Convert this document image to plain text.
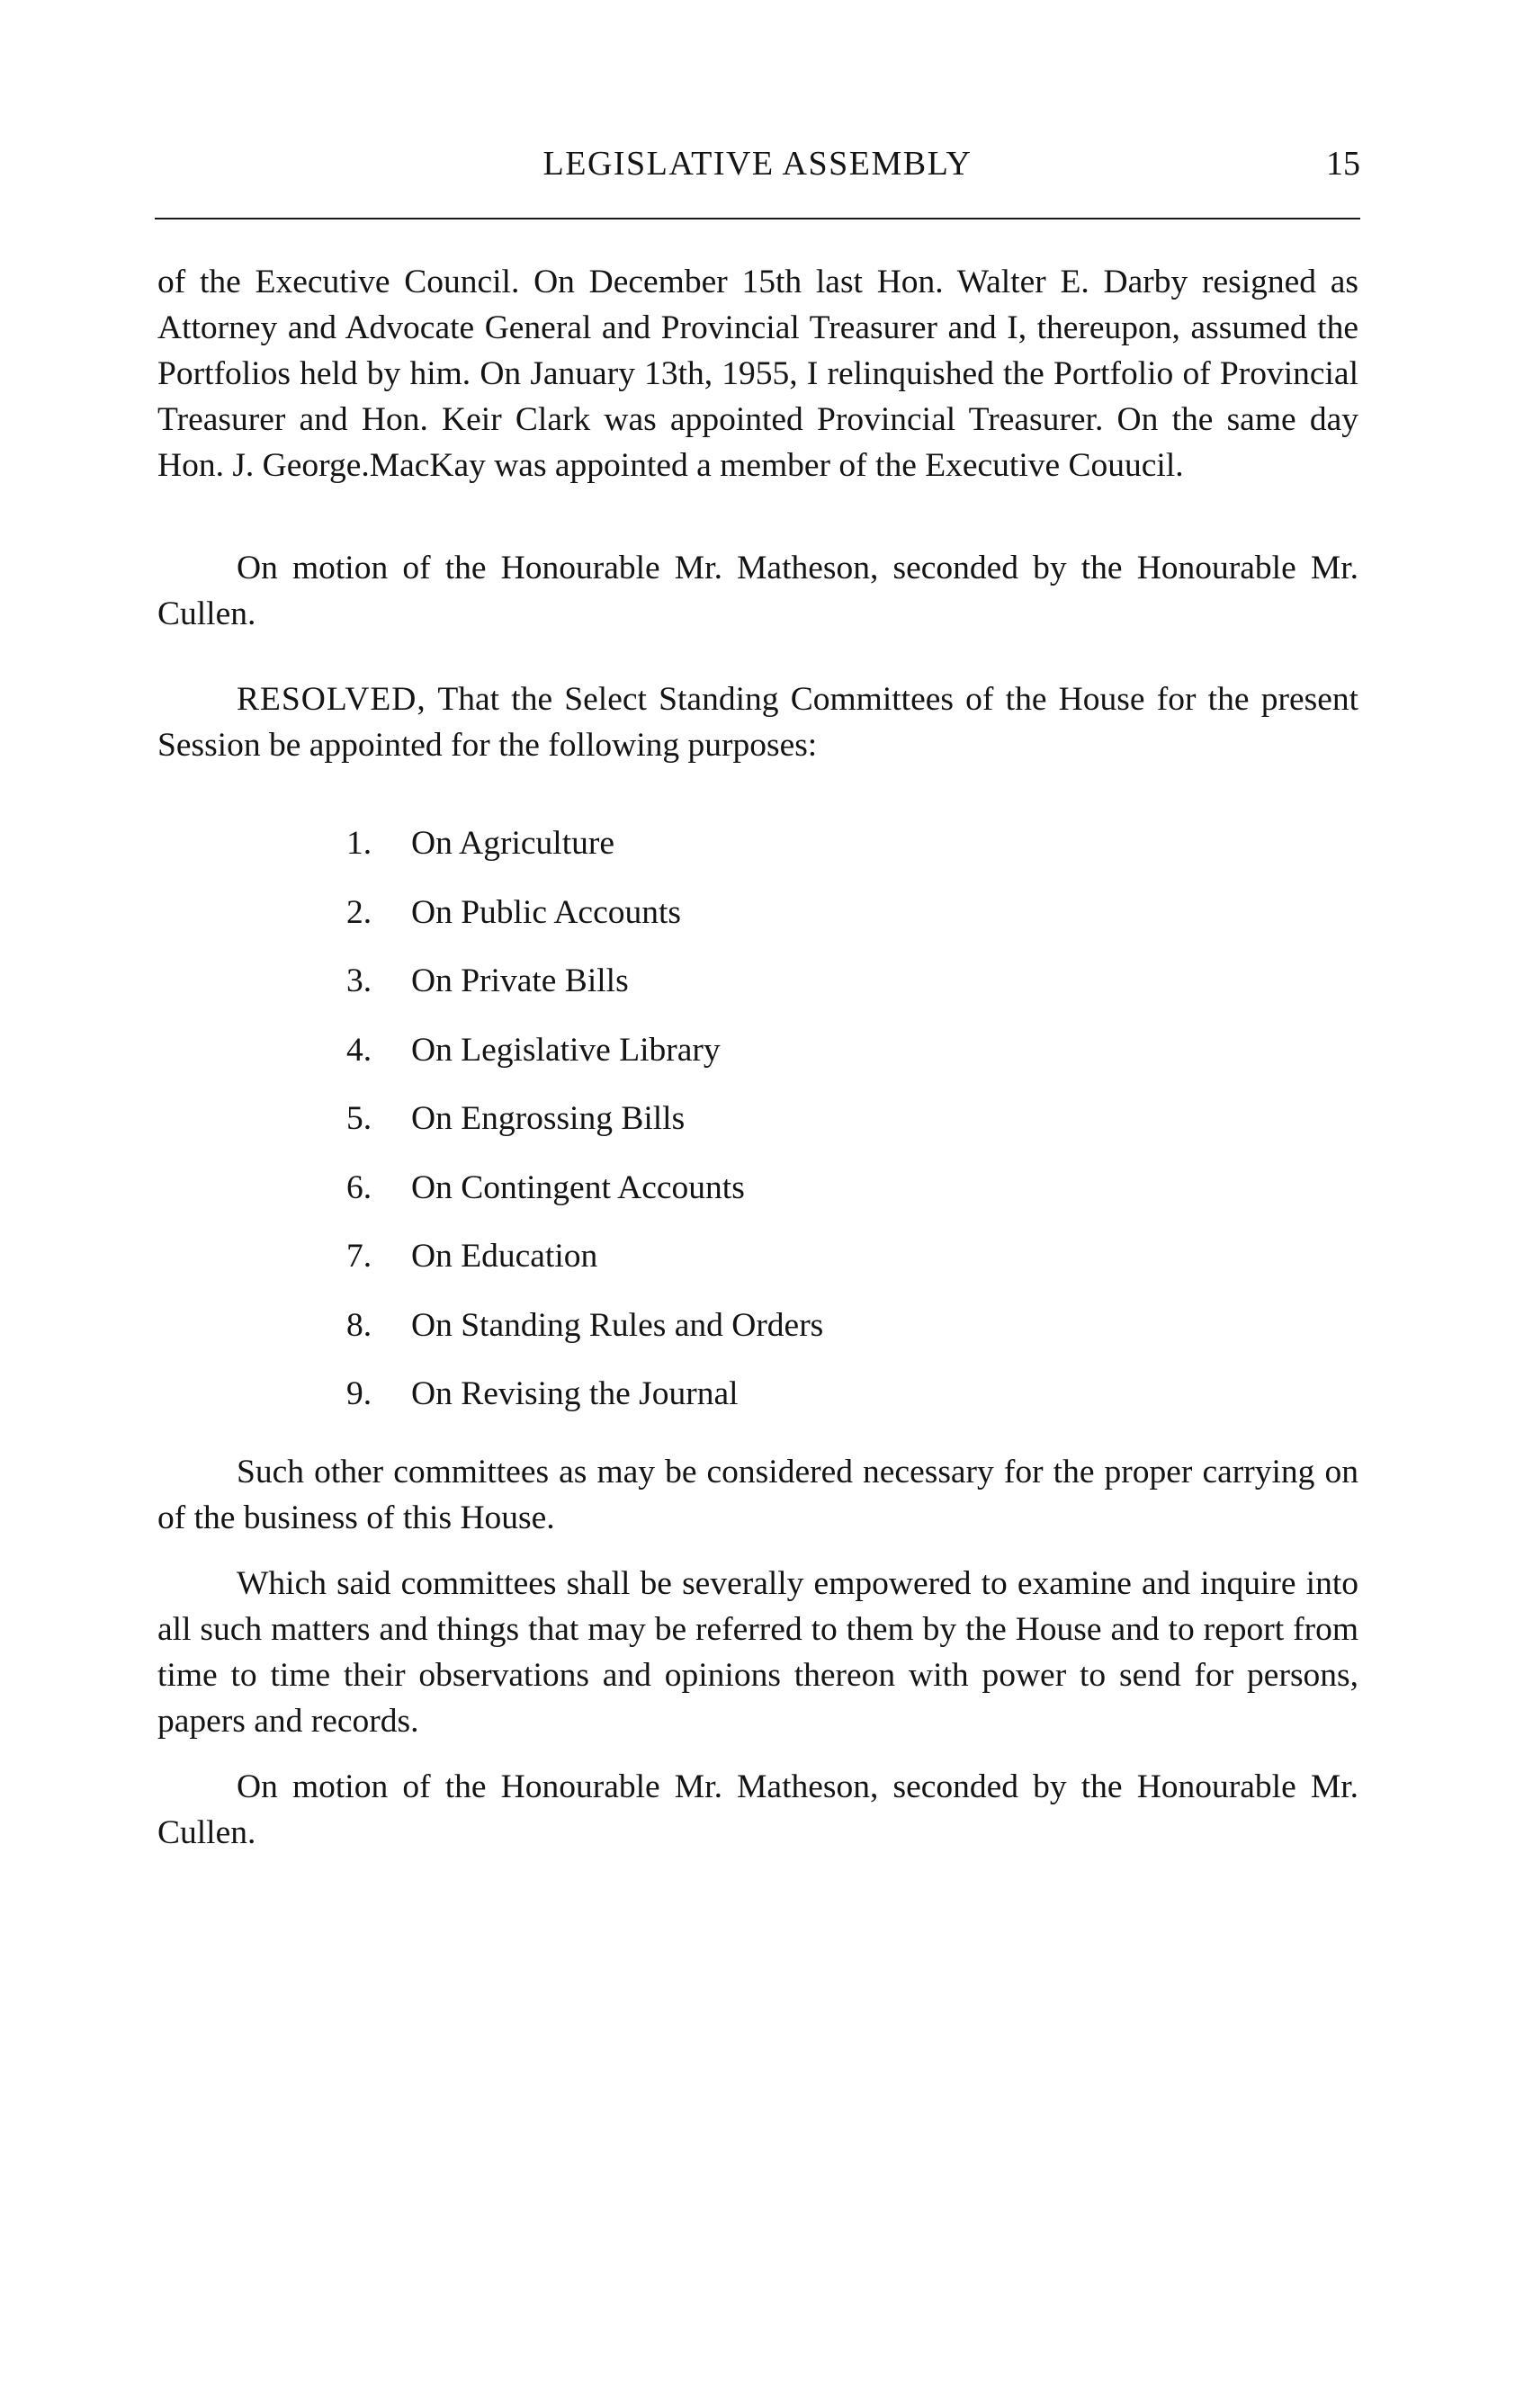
LEGISLATIVE ASSEMBLY	15

of the Executive Council. On December 15th last Hon. Walter E. Darby resigned as Attorney and Advocate General and Provincial Treasurer and I, thereupon, assumed the Portfolios held by him. On January 13th, 1955, I relinquished the Portfolio of Provincial Treasurer and Hon. Keir Clark was appointed Provincial Treasurer. On the same day Hon. J. George.MacKay was appointed a member of the Executive Couucil.

On motion of the Honourable Mr. Matheson, seconded by the Honourable Mr. Cullen.

RESOLVED, That the Select Standing Committees of the House for the present Session be appointed for the following purposes:

1. On Agriculture
2. On Public Accounts
3. On Private Bills
4. On Legislative Library
5. On Engrossing Bills
6. On Contingent Accounts
7. On Education
8. On Standing Rules and Orders
9. On Revising the Journal

Such other committees as may be considered necessary for the proper carrying on of the business of this House.

Which said committees shall be severally empowered to examine and inquire into all such matters and things that may be referred to them by the House and to report from time to time their observations and opinions thereon with power to send for persons, papers and records.

On motion of the Honourable Mr. Matheson, seconded by the Honourable Mr. Cullen.
